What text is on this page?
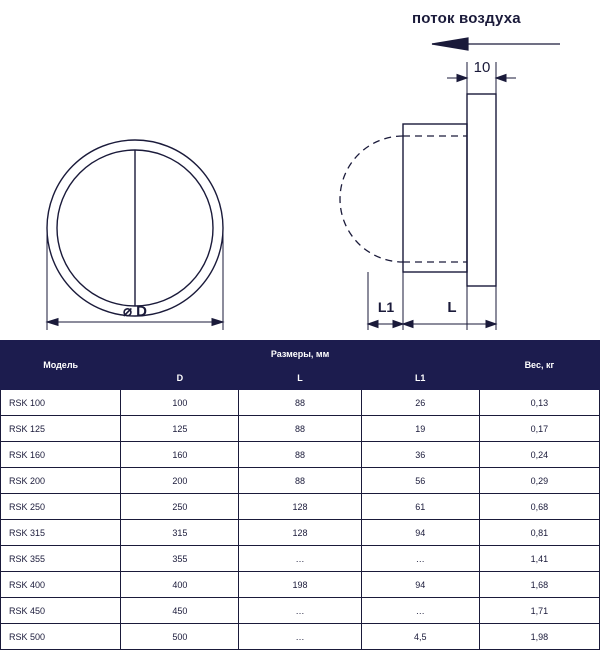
поток воздуха
10
L1	L
⌀ D
Модель	Размеры, мм			Вес, кг
	D	L	L1	
RSK 100	100	88	26	0,13
RSK 125	125	88	19	0,17
RSK 160	160	88	36	0,24
RSK 200	200	88	56	0,29
RSK 250	250	128	61	0,68
RSK 315	315	128	94	0,81
RSK 355	355	…	…	1,41
RSK 400	400	198	94	1,68
RSK 450	450	…	…	1,71
RSK 500	500	…	4,5	1,98
